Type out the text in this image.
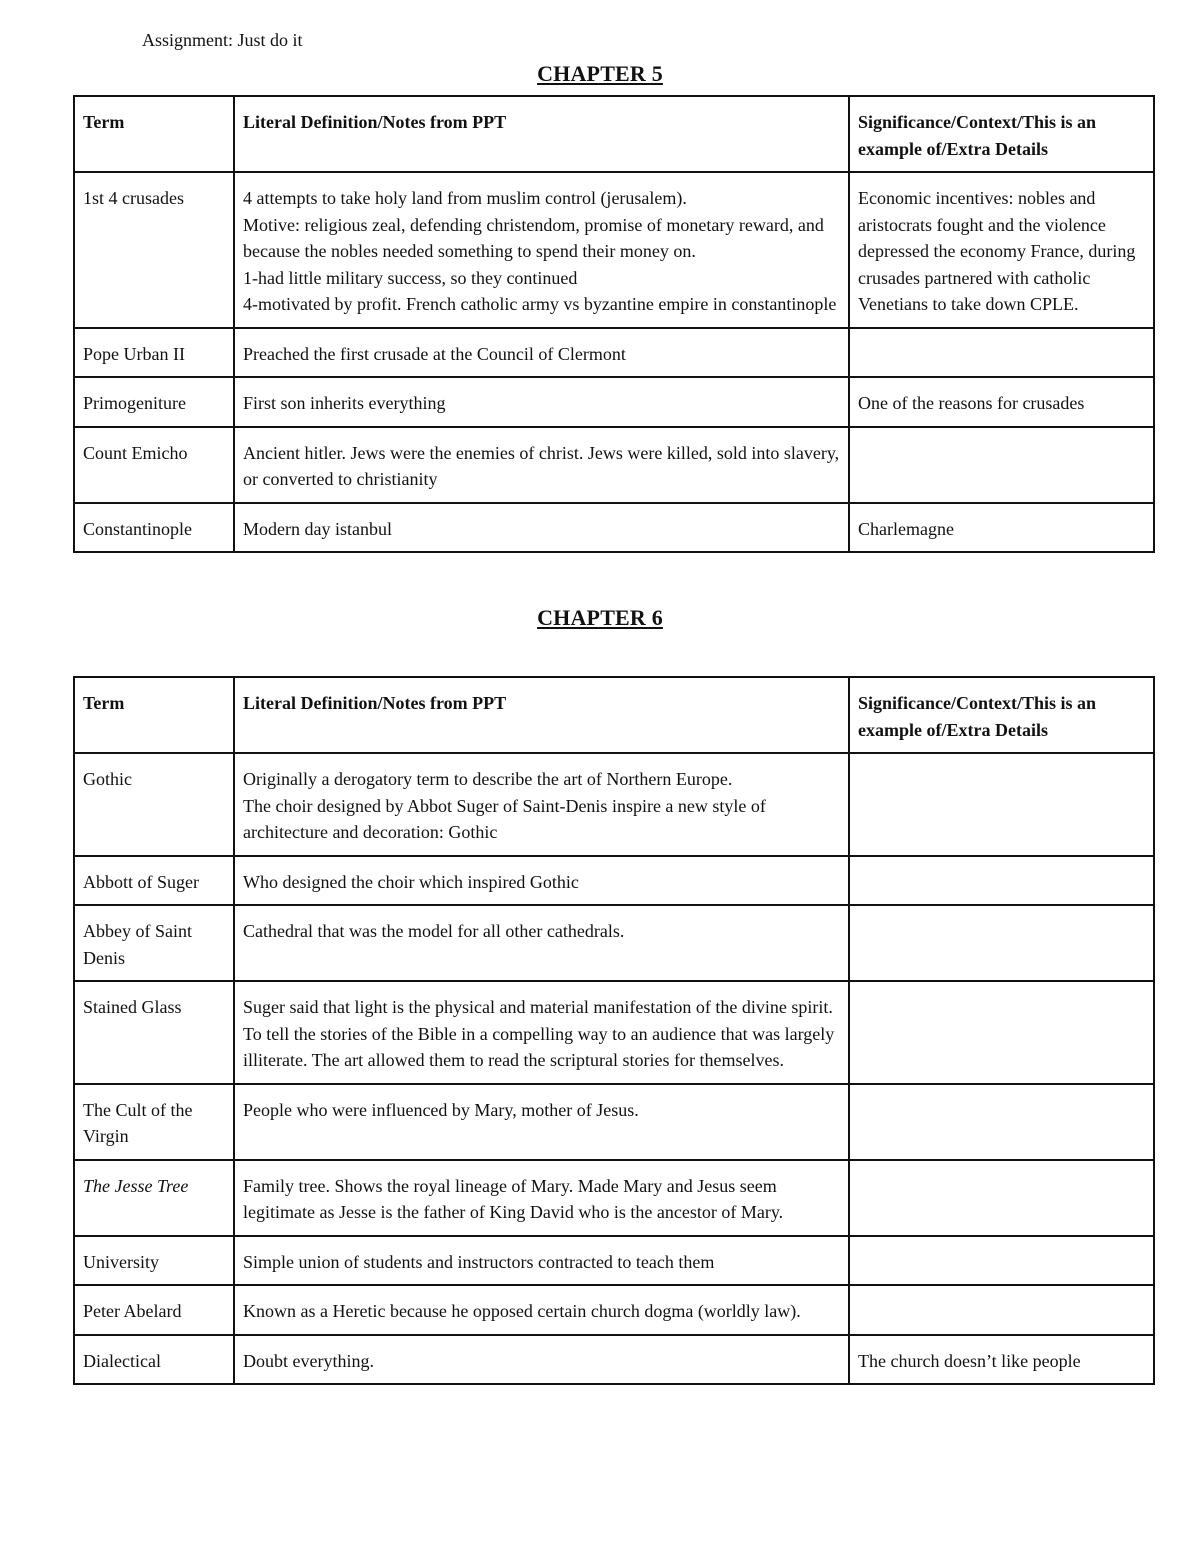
Assignment: Just do it

CHAPTER 5
Term	Literal Definition/Notes from PPT	Significance/Context/This is an example of/Extra Details
1st 4 crusades	4 attempts to take holy land from muslim control (jerusalem).
Motive: religious zeal, defending christendom, promise of monetary reward, and because the nobles needed something to spend their money on.
1-had little military success, so they continued
4-motivated by profit. French catholic army vs byzantine empire in constantinople	Economic incentives: nobles and aristocrats fought and the violence depressed the economy France, during crusades partnered with catholic Venetians to take down CPLE.
Pope Urban II	Preached the first crusade at the Council of Clermont	
Primogeniture	First son inherits everything	One of the reasons for crusades
Count Emicho	Ancient hitler. Jews were the enemies of christ. Jews were killed, sold into slavery, or converted to christianity	
Constantinople	Modern day istanbul	Charlemagne
CHAPTER 6
Term	Literal Definition/Notes from PPT	Significance/Context/This is an example of/Extra Details
Gothic	Originally a derogatory term to describe the art of Northern Europe.
The choir designed by Abbot Suger of Saint-Denis inspire a new style of architecture and decoration: Gothic	

Abbott of Suger	Who designed the choir which inspired Gothic	
Abbey of Saint Denis	Cathedral that was the model for all other cathedrals.	
Stained Glass	Suger said that light is the physical and material manifestation of the divine spirit.
To tell the stories of the Bible in a compelling way to an audience that was largely illiterate. The art allowed them to read the scriptural stories for themselves.	

The Cult of the Virgin	People who were influenced by Mary, mother of Jesus.	
The Jesse Tree	Family tree. Shows the royal lineage of Mary. Made Mary and Jesus seem legitimate as Jesse is the father of King David who is the ancestor of Mary.	
University	Simple union of students and instructors contracted to teach them	
Peter Abelard	Known as a Heretic because he opposed certain church dogma (worldly law).	
Dialectical	Doubt everything.	The church doesn’t like people
